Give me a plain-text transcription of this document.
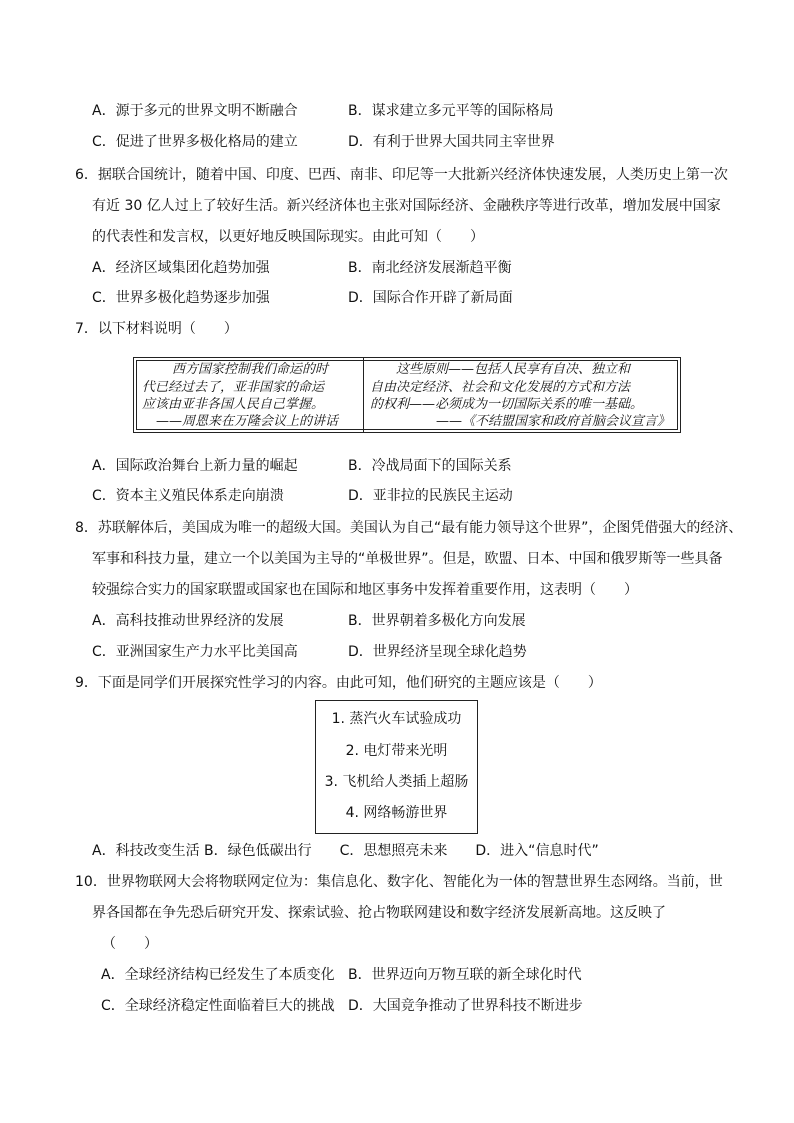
A．源于多元的世界文明不断融合	B．谋求建立多元平等的国际格局
C．促进了世界多极化格局的建立	D．有利于世界大国共同主宰世界
6．据联合国统计，随着中国、印度、巴西、南非、印尼等一大批新兴经济体快速发展，人类历史上第一次
有近 30 亿人过上了较好生活。新兴经济体也主张对国际经济、金融秩序等进行改革，增加发展中国家
的代表性和发言权，以更好地反映国际现实。由此可知（　　）
A．经济区域集团化趋势加强	B．南北经济发展渐趋平衡
C．世界多极化趋势逐步加强	D．国际合作开辟了新局面
7．以下材料说明（　　）
西方国家控制我们命运的时
代已经过去了，亚非国家的命运
应该由亚非各国人民自己掌握。
——周恩来在万隆会议上的讲话
这些原则——包括人民享有自决、独立和
自由决定经济、社会和文化发展的方式和方法
的权利——必须成为一切国际关系的唯一基础。
——《不结盟国家和政府首脑会议宣言》
A．国际政治舞台上新力量的崛起	B．冷战局面下的国际关系
C．资本主义殖民体系走向崩溃	D．亚非拉的民族民主运动
8．苏联解体后，美国成为唯一的超级大国。美国认为自己“最有能力领导这个世界”，企图凭借强大的经济、
军事和科技力量，建立一个以美国为主导的“单极世界”。但是，欧盟、日本、中国和俄罗斯等一些具备
较强综合实力的国家联盟或国家也在国际和地区事务中发挥着重要作用，这表明（　　）
A．高科技推动世界经济的发展	B．世界朝着多极化方向发展
C．亚洲国家生产力水平比美国高	D．世界经济呈现全球化趋势
9．下面是同学们开展探究性学习的内容。由此可知，他们研究的主题应该是（　　）
1. 蒸汽火车试验成功
2. 电灯带来光明
3. 飞机给人类插上超肠
4. 网络畅游世界
A．科技改变生活 B．绿色低碳出行　　C．思想照亮未来　　D．进入“信息时代”
10．世界物联网大会将物联网定位为：集信息化、数字化、智能化为一体的智慧世界生态网络。当前，世
界各国都在争先恐后研究开发、探索试验、抢占物联网建设和数字经济发展新高地。这反映了
（　　）
A．全球经济结构已经发生了本质变化 B．世界迈向万物互联的新全球化时代
C．全球经济稳定性面临着巨大的挑战 D．大国竞争推动了世界科技不断进步
